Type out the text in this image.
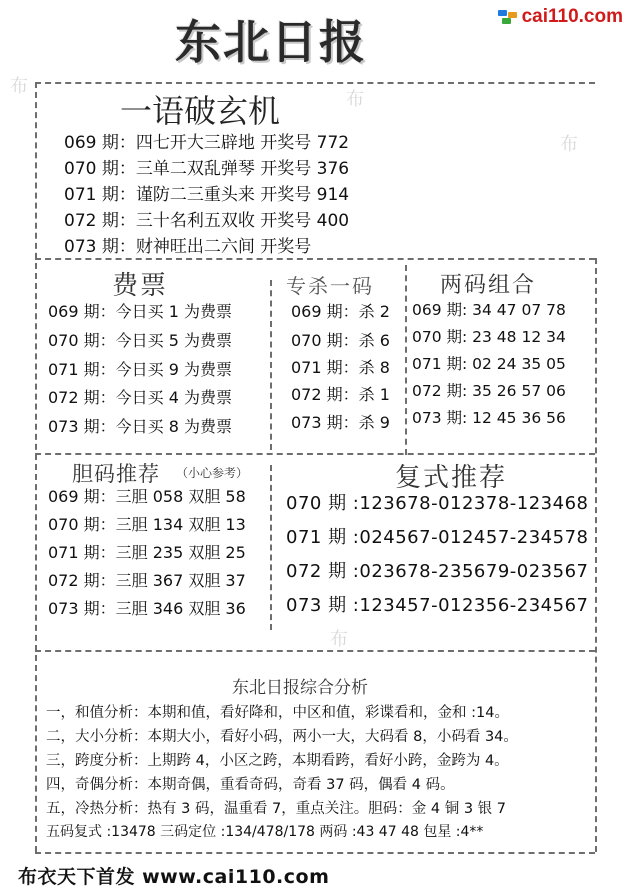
布
布
布
布
东北日报	cai110.com
一语破玄机
069 期：四七开大三辟地 开奖号 772
070 期：三单二双乱弹琴 开奖号 376
071 期：谨防二三重头来 开奖号 914
072 期：三十名利五双收 开奖号 400
073 期：财神旺出二六间 开奖号
费票
069 期：今日买 1 为费票
070 期：今日买 5 为费票
071 期：今日买 9 为费票
072 期：今日买 4 为费票
073 期：今日买 8 为费票
专杀一码
069 期：杀 2
070 期：杀 6
071 期：杀 8
072 期：杀 1
073 期：杀 9
两码组合
069 期: 34 47 07 78
070 期: 23 48 12 34
071 期: 02 24 35 05
072 期: 35 26 57 06
073 期: 12 45 36 56
胆码推荐 （小心参考）
069 期：三胆 058 双胆 58
070 期：三胆 134 双胆 13
071 期：三胆 235 双胆 25
072 期：三胆 367 双胆 37
073 期：三胆 346 双胆 36
复式推荐
070 期 :123678-012378-123468
071 期 :024567-012457-234578
072 期 :023678-235679-023567
073 期 :123457-012356-234567
东北日报综合分析
一，和值分析：本期和值，看好降和，中区和值，彩谍看和，金和 :14。
二，大小分析：本期大小，看好小码，两小一大，大码看 8，小码看 34。
三，跨度分析：上期跨 4，小区之跨，本期看跨，看好小跨，金跨为 4。
四，奇偶分析：本期奇偶，重看奇码，奇看 37 码，偶看 4 码。
五，冷热分析：热有 3 码，温重看 7，重点关注。胆码：金 4 铜 3 银 7
五码复式 :13478 三码定位 :134/478/178 两码 :43 47 48 包星 :4**
布衣天下首发 www.cai110.com
